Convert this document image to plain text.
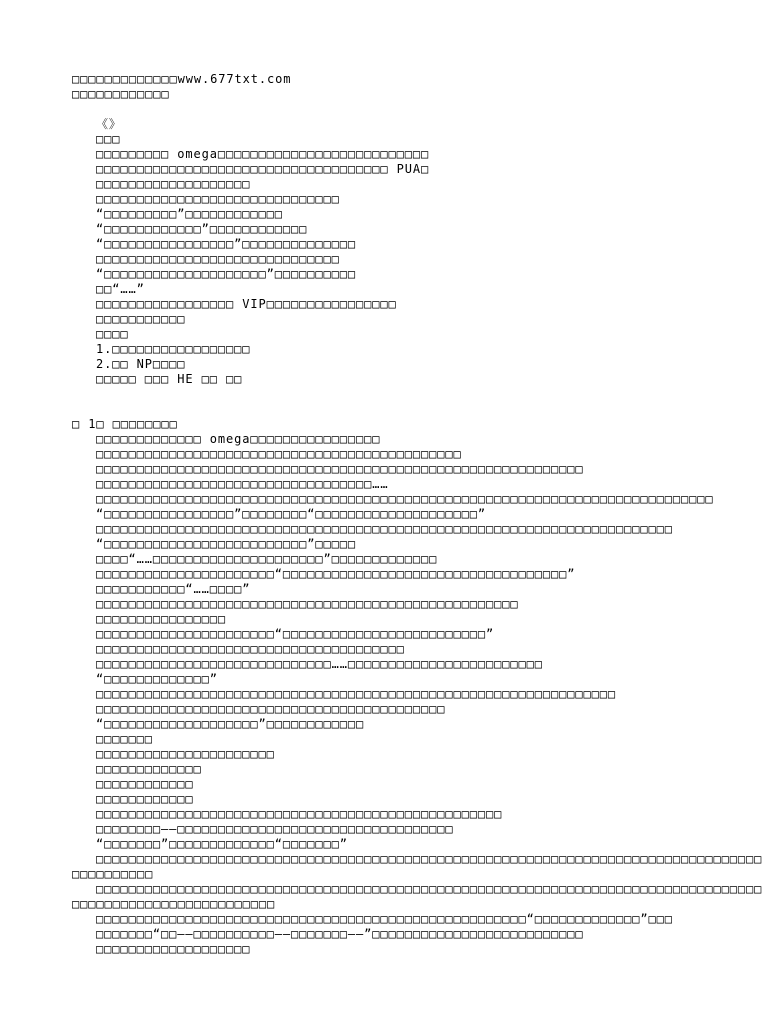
□□□□□□□□□□□□□www.677txt.com
□□□□□□□□□□□□
《》
□□□
□□□□□□□□□ omega□□□□□□□□□□□□□□□□□□□□□□□□□□
□□□□□□□□□□□□□□□□□□□□□□□□□□□□□□□□□□□□ PUA□
□□□□□□□□□□□□□□□□□□□
□□□□□□□□□□□□□□□□□□□□□□□□□□□□□□
“□□□□□□□□□”□□□□□□□□□□□□
“□□□□□□□□□□□□”□□□□□□□□□□□□
“□□□□□□□□□□□□□□□□”□□□□□□□□□□□□□□
□□□□□□□□□□□□□□□□□□□□□□□□□□□□□□
“□□□□□□□□□□□□□□□□□□□□”□□□□□□□□□□
□□“……”
□□□□□□□□□□□□□□□□□ VIP□□□□□□□□□□□□□□□□
□□□□□□□□□□□
□□□□
1.□□□□□□□□□□□□□□□□□
2.□□ NP□□□□
□□□□□ □□□ HE □□ □□
□ 1□ □□□□□□□□
□□□□□□□□□□□□□ omega□□□□□□□□□□□□□□□□
□□□□□□□□□□□□□□□□□□□□□□□□□□□□□□□□□□□□□□□□□□□□□
□□□□□□□□□□□□□□□□□□□□□□□□□□□□□□□□□□□□□□□□□□□□□□□□□□□□□□□□□□□□
□□□□□□□□□□□□□□□□□□□□□□□□□□□□□□□□□□……
□□□□□□□□□□□□□□□□□□□□□□□□□□□□□□□□□□□□□□□□□□□□□□□□□□□□□□□□□□□□□□□□□□□□□□□□□□□□
“□□□□□□□□□□□□□□□□”□□□□□□□□“□□□□□□□□□□□□□□□□□□□□”
□□□□□□□□□□□□□□□□□□□□□□□□□□□□□□□□□□□□□□□□□□□□□□□□□□□□□□□□□□□□□□□□□□□□□□□
“□□□□□□□□□□□□□□□□□□□□□□□□□”□□□□□
□□□□“……□□□□□□□□□□□□□□□□□□□□□”□□□□□□□□□□□□□
□□□□□□□□□□□□□□□□□□□□□□“□□□□□□□□□□□□□□□□□□□□□□□□□□□□□□□□□□□”
□□□□□□□□□□□“……□□□□”
□□□□□□□□□□□□□□□□□□□□□□□□□□□□□□□□□□□□□□□□□□□□□□□□□□□□
□□□□□□□□□□□□□□□□
□□□□□□□□□□□□□□□□□□□□□□“□□□□□□□□□□□□□□□□□□□□□□□□□”
□□□□□□□□□□□□□□□□□□□□□□□□□□□□□□□□□□□□□□
□□□□□□□□□□□□□□□□□□□□□□□□□□□□□……□□□□□□□□□□□□□□□□□□□□□□□□
“□□□□□□□□□□□□□”
□□□□□□□□□□□□□□□□□□□□□□□□□□□□□□□□□□□□□□□□□□□□□□□□□□□□□□□□□□□□□□□□
□□□□□□□□□□□□□□□□□□□□□□□□□□□□□□□□□□□□□□□□□□□
“□□□□□□□□□□□□□□□□□□□”□□□□□□□□□□□□
□□□□□□□
□□□□□□□□□□□□□□□□□□□□□□
□□□□□□□□□□□□□
□□□□□□□□□□□□
□□□□□□□□□□□□
□□□□□□□□□□□□□□□□□□□□□□□□□□□□□□□□□□□□□□□□□□□□□□□□□□
□□□□□□□□——□□□□□□□□□□□□□□□□□□□□□□□□□□□□□□□□□□
“□□□□□□□”□□□□□□□□□□□□□“□□□□□□□”
□□□□□□□□□□□□□□□□□□□□□□□□□□□□□□□□□□□□□□□□□□□□□□□□□□□□□□□□□□□□□□□□□□□□□□□□□□□□□□□□□□
□□□□□□□□□□
□□□□□□□□□□□□□□□□□□□□□□□□□□□□□□□□□□□□□□□□□□□□□□□□□□□□□□□□□□□□□□□□□□□□□□□□□□□□□□□□□□
□□□□□□□□□□□□□□□□□□□□□□□□□
□□□□□□□□□□□□□□□□□□□□□□□□□□□□□□□□□□□□□□□□□□□□□□□□□□□□□“□□□□□□□□□□□□□”□□□
□□□□□□□“□□——□□□□□□□□□□——□□□□□□□——”□□□□□□□□□□□□□□□□□□□□□□□□□□
□□□□□□□□□□□□□□□□□□□
